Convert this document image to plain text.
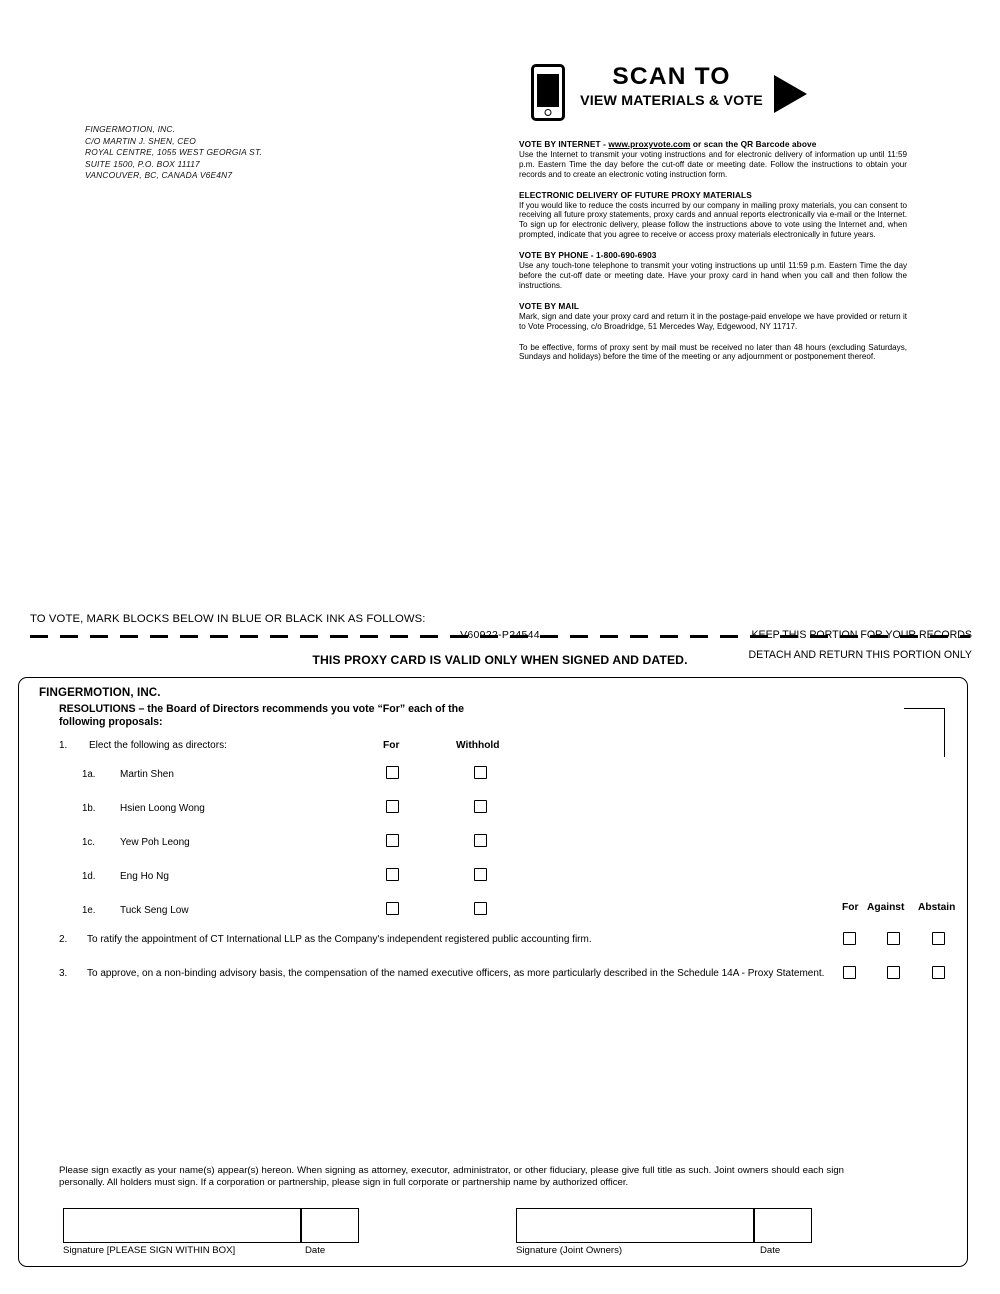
FINGERMOTION, INC.
C/O MARTIN J. SHEN, CEO
ROYAL CENTRE, 1055 WEST GEORGIA ST.
SUITE 1500, P.O. BOX 11117
VANCOUVER, BC, CANADA V6E4N7
SCAN TO
VIEW MATERIALS & VOTE
VOTE BY INTERNET - www.proxyvote.com or scan the QR Barcode above

Use the Internet to transmit your voting instructions and for electronic delivery of information up until 11:59 p.m. Eastern Time the day before the cut-off date or meeting date. Follow the instructions to obtain your records and to create an electronic voting instruction form.

ELECTRONIC DELIVERY OF FUTURE PROXY MATERIALS

If you would like to reduce the costs incurred by our company in mailing proxy materials, you can consent to receiving all future proxy statements, proxy cards and annual reports electronically via e-mail or the Internet. To sign up for electronic delivery, please follow the instructions above to vote using the Internet and, when prompted, indicate that you agree to receive or access proxy materials electronically in future years.

VOTE BY PHONE - 1-800-690-6903

Use any touch-tone telephone to transmit your voting instructions up until 11:59 p.m. Eastern Time the day before the cut-off date or meeting date. Have your proxy card in hand when you call and then follow the instructions.

VOTE BY MAIL

Mark, sign and date your proxy card and return it in the postage-paid envelope we have provided or return it to Vote Processing, c/o Broadridge, 51 Mercedes Way, Edgewood, NY 11717.

To be effective, forms of proxy sent by mail must be received no later than 48 hours (excluding Saturdays, Sundays and holidays) before the time of the meeting or any adjournment or postponement thereof.

TO VOTE, MARK BLOCKS BELOW IN BLUE OR BLACK INK AS FOLLOWS:
V60922-P24544	KEEP THIS PORTION FOR YOUR RECORDS
DETACH AND RETURN THIS PORTION ONLY
THIS PROXY CARD IS VALID ONLY WHEN SIGNED AND DATED.
FINGERMOTION, INC.
RESOLUTIONS – the Board of Directors recommends you vote “For” each of the following proposals:
1. Elect the following as directors:	For	Withhold
1a. Martin Shen
1b. Hsien Loong Wong
1c.	Yew Poh Leong
1d. Eng Ho Ng
1e. Tuck Seng Low	For Against Abstain
2. To ratify the appointment of CT International LLP as the Company's independent registered public accounting firm.
3. To approve, on a non-binding advisory basis, the compensation of the named executive officers, as more particularly described in the Schedule 14A - Proxy Statement.
Please sign exactly as your name(s) appear(s) hereon. When signing as attorney, executor, administrator, or other fiduciary, please give full title as such. Joint owners should each sign personally. All holders must sign. If a corporation or partnership, please sign in full corporate or partnership name by authorized officer.
Signature [PLEASE SIGN WITHIN BOX]	Date	Signature (Joint Owners)	Date
